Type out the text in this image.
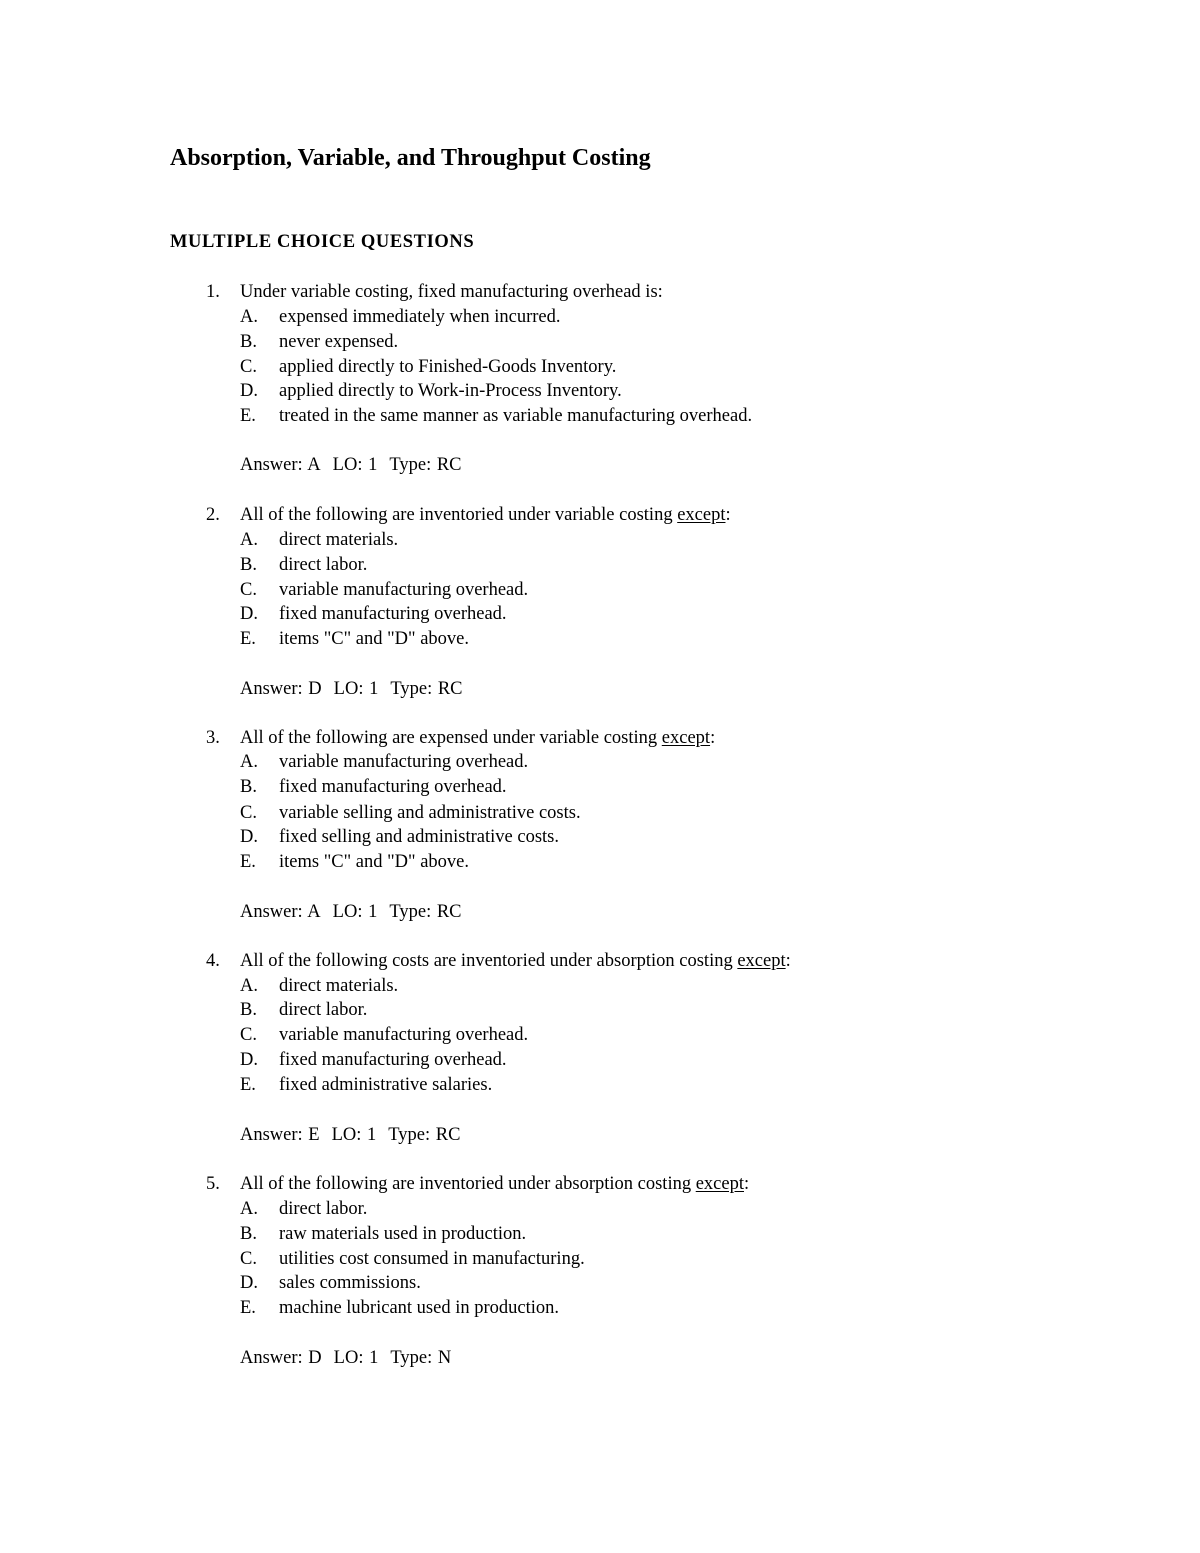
Absorption, Variable, and Throughput Costing
MULTIPLE CHOICE QUESTIONS
1. Under variable costing, fixed manufacturing overhead is:
A. expensed immediately when incurred.
B. never expensed.
C. applied directly to Finished-Goods Inventory.
D. applied directly to Work-in-Process Inventory.
E. treated in the same manner as variable manufacturing overhead.
Answer: A LO: 1 Type: RC
2. All of the following are inventoried under variable costing except:
A. direct materials.
B. direct labor.
C. variable manufacturing overhead.
D. fixed manufacturing overhead.
E. items "C" and "D" above.
Answer: D LO: 1 Type: RC
3. All of the following are expensed under variable costing except:
A. variable manufacturing overhead.
B. fixed manufacturing overhead.
C. variable selling and administrative costs.
D. fixed selling and administrative costs.
E. items "C" and "D" above.
Answer: A LO: 1 Type: RC
4. All of the following costs are inventoried under absorption costing except:
A. direct materials.
B. direct labor.
C. variable manufacturing overhead.
D. fixed manufacturing overhead.
E. fixed administrative salaries.
Answer: E LO: 1 Type: RC
5. All of the following are inventoried under absorption costing except:
A. direct labor.
B. raw materials used in production.
C. utilities cost consumed in manufacturing.
D. sales commissions.
E. machine lubricant used in production.
Answer: D LO: 1 Type: N
